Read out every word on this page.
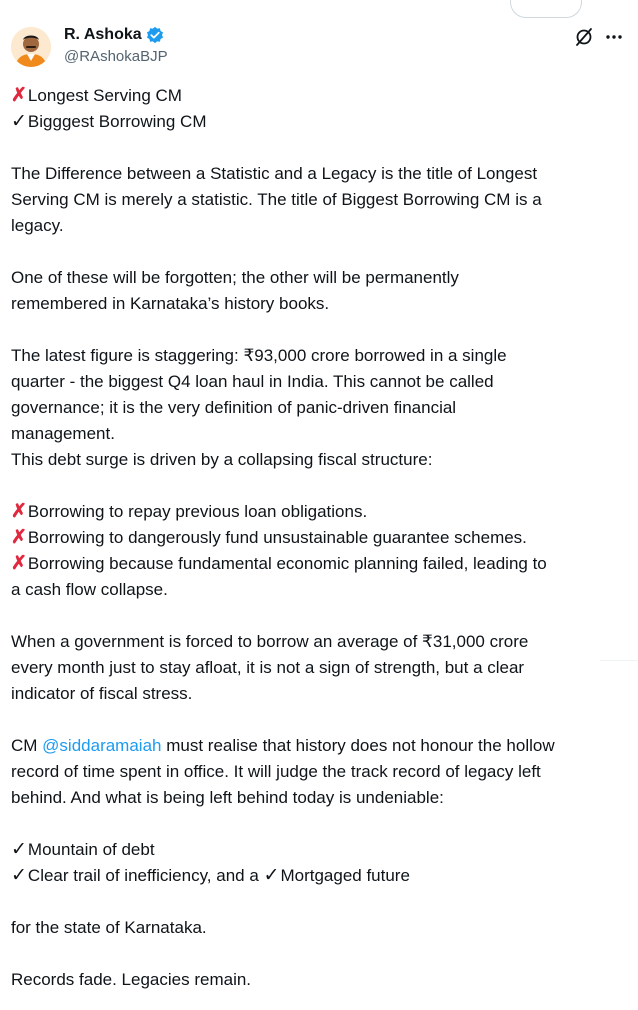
R. Ashoka
@RAshokaBJP
✗Longest Serving CM
✓Bigggest Borrowing CM
The Difference between a Statistic and a Legacy is the title of Longest
Serving CM is merely a statistic. The title of Biggest Borrowing CM is a
legacy.
One of these will be forgotten; the other will be permanently
remembered in Karnataka’s history books.
The latest figure is staggering: ₹93,000 crore borrowed in a single
quarter - the biggest Q4 loan haul in India. This cannot be called
governance; it is the very definition of panic-driven financial
management.
This debt surge is driven by a collapsing fiscal structure:
✗Borrowing to repay previous loan obligations.
✗Borrowing to dangerously fund unsustainable guarantee schemes.
✗Borrowing because fundamental economic planning failed, leading to
a cash flow collapse.
When a government is forced to borrow an average of ₹31,000 crore
every month just to stay afloat, it is not a sign of strength, but a clear
indicator of fiscal stress.
CM @siddaramaiah must realise that history does not honour the hollow
record of time spent in office. It will judge the track record of legacy left
behind. And what is being left behind today is undeniable:
✓Mountain of debt
✓Clear trail of inefficiency, and a ✓Mortgaged future
for the state of Karnataka.
Records fade. Legacies remain.
